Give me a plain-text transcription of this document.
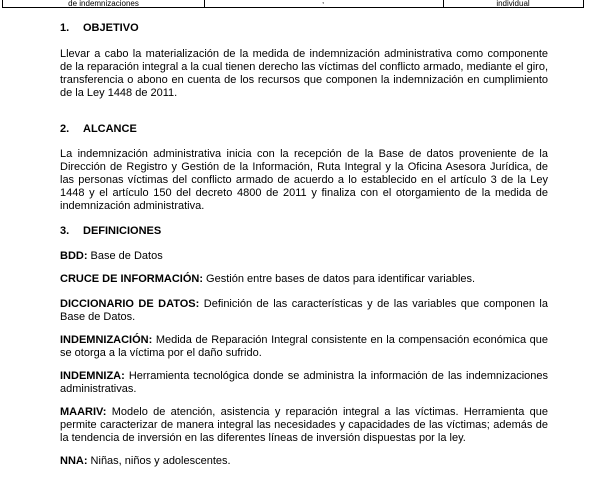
de indemnizaciones	,	individual

1. OBJETIVO

Llevar a cabo la materialización de la medida de indemnización administrativa como componente de la reparación integral a la cual tienen derecho las víctimas del conflicto armado, mediante el giro, transferencia o abono en cuenta de los recursos que componen la indemnización en cumplimiento de la Ley 1448 de 2011.

2. ALCANCE

La indemnización administrativa inicia con la recepción de la Base de datos proveniente de la Dirección de Registro y Gestión de la Información, Ruta Integral y la Oficina Asesora Jurídica, de las personas víctimas del conflicto armado de acuerdo a lo establecido en el artículo 3 de la Ley 1448 y el artículo 150 del decreto 4800 de 2011 y finaliza con el otorgamiento de la medida de indemnización administrativa.

3. DEFINICIONES

BDD: Base de Datos

CRUCE DE INFORMACIÓN: Gestión entre bases de datos para identificar variables.

DICCIONARIO DE DATOS: Definición de las características y de las variables que componen la Base de Datos.

INDEMNIZACIÓN: Medida de Reparación Integral consistente en la compensación económica que se otorga a la víctima por el daño sufrido.

INDEMNIZA: Herramienta tecnológica donde se administra la información de las indemnizaciones administrativas.

MAARIV: Modelo de atención, asistencia y reparación integral a las víctimas. Herramienta que permite caracterizar de manera integral las necesidades y capacidades de las víctimas; además de la tendencia de inversión en las diferentes líneas de inversión dispuestas por la ley.

NNA: Niñas, niños y adolescentes.
